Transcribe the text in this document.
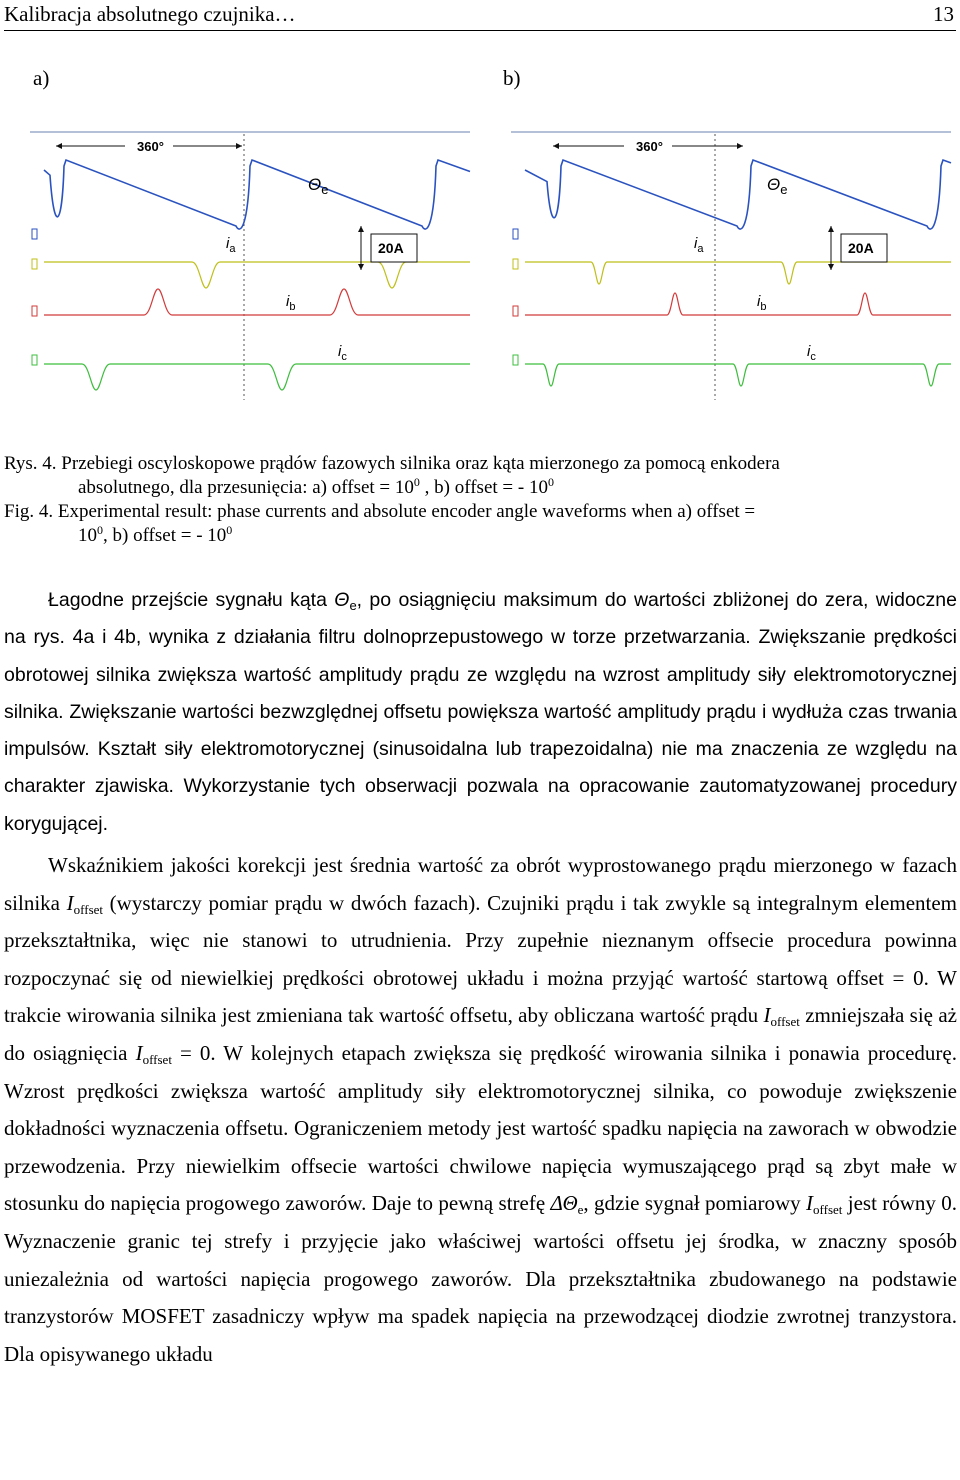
Kalibracja absolutnego czujnika…	13
a)	b)
360°
$\Theta_e$
20A
$i_a$
$i_b$
$i_c$
360°
$\Theta_e$
20A
$i_a$
$i_b$
$i_c$
Rys. 4. Przebiegi oscyloskopowe prądów fazowych silnika oraz kąta mierzonego za pomocą enkodera
absolutnego, dla przesunięcia: a) offset = $10^0$ , b) offset = - $10^0$
Fig. 4. Experimental result: phase currents and absolute encoder angle waveforms when a) offset =
$10^0$, b) offset = - $10^0$

Łagodne przejście sygnału kąta $\Theta_e$, po osiągnięciu maksimum do wartości zbliżonej do zera, widoczne na rys. 4a i 4b, wynika z działania filtru dolnoprzepustowego w torze przetwarzania. Zwiększanie prędkości obrotowej silnika zwiększa wartość amplitudy prądu ze względu na wzrost amplitudy siły elektromotorycznej silnika. Zwiększanie wartości bezwzględnej offsetu powiększa wartość amplitudy prądu i wydłuża czas trwania impulsów. Kształt siły elektromotorycznej (sinusoidalna lub trapezoidalna) nie ma znaczenia ze względu na charakter zjawiska. Wykorzystanie tych obserwacji pozwala na opracowanie zautomatyzowanej procedury korygującej.

Wskaźnikiem jakości korekcji jest średnia wartość za obrót wyprostowanego prądu mierzonego w fazach silnika $I_{offset}$ (wystarczy pomiar prądu w dwóch fazach). Czujniki prądu i tak zwykle są integralnym elementem przekształtnika, więc nie stanowi to utrudnienia. Przy zupełnie nieznanym offsecie procedura powinna rozpoczynać się od niewielkiej prędkości obrotowej układu i można przyjąć wartość startową offset = 0. W trakcie wirowania silnika jest zmieniana tak wartość offsetu, aby obliczana wartość prądu $I_{offset}$ zmniejszała się aż do osiągnięcia $I_{offset} = 0$. W kolejnych etapach zwiększa się prędkość wirowania silnika i ponawia procedurę. Wzrost prędkości zwiększa wartość amplitudy siły elektromotorycznej silnika, co powoduje zwiększenie dokładności wyznaczenia offsetu. Ograniczeniem metody jest wartość spadku napięcia na zaworach w obwodzie przewodzenia. Przy niewielkim offsecie wartości chwilowe napięcia wymuszającego prąd są zbyt małe w stosunku do napięcia progowego zaworów. Daje to pewną strefę $\Delta\Theta_e$, gdzie sygnał pomiarowy $I_{offset}$ jest równy 0. Wyznaczenie granic tej strefy i przyjęcie jako właściwej wartości offsetu jej środka, w znaczny sposób uniezależnia od wartości napięcia progowego zaworów. Dla przekształtnika zbudowanego na podstawie tranzystorów MOSFET zasadniczy wpływ ma spadek napięcia na przewodzącej diodzie zwrotnej tranzystora. Dla opisywanego układu
